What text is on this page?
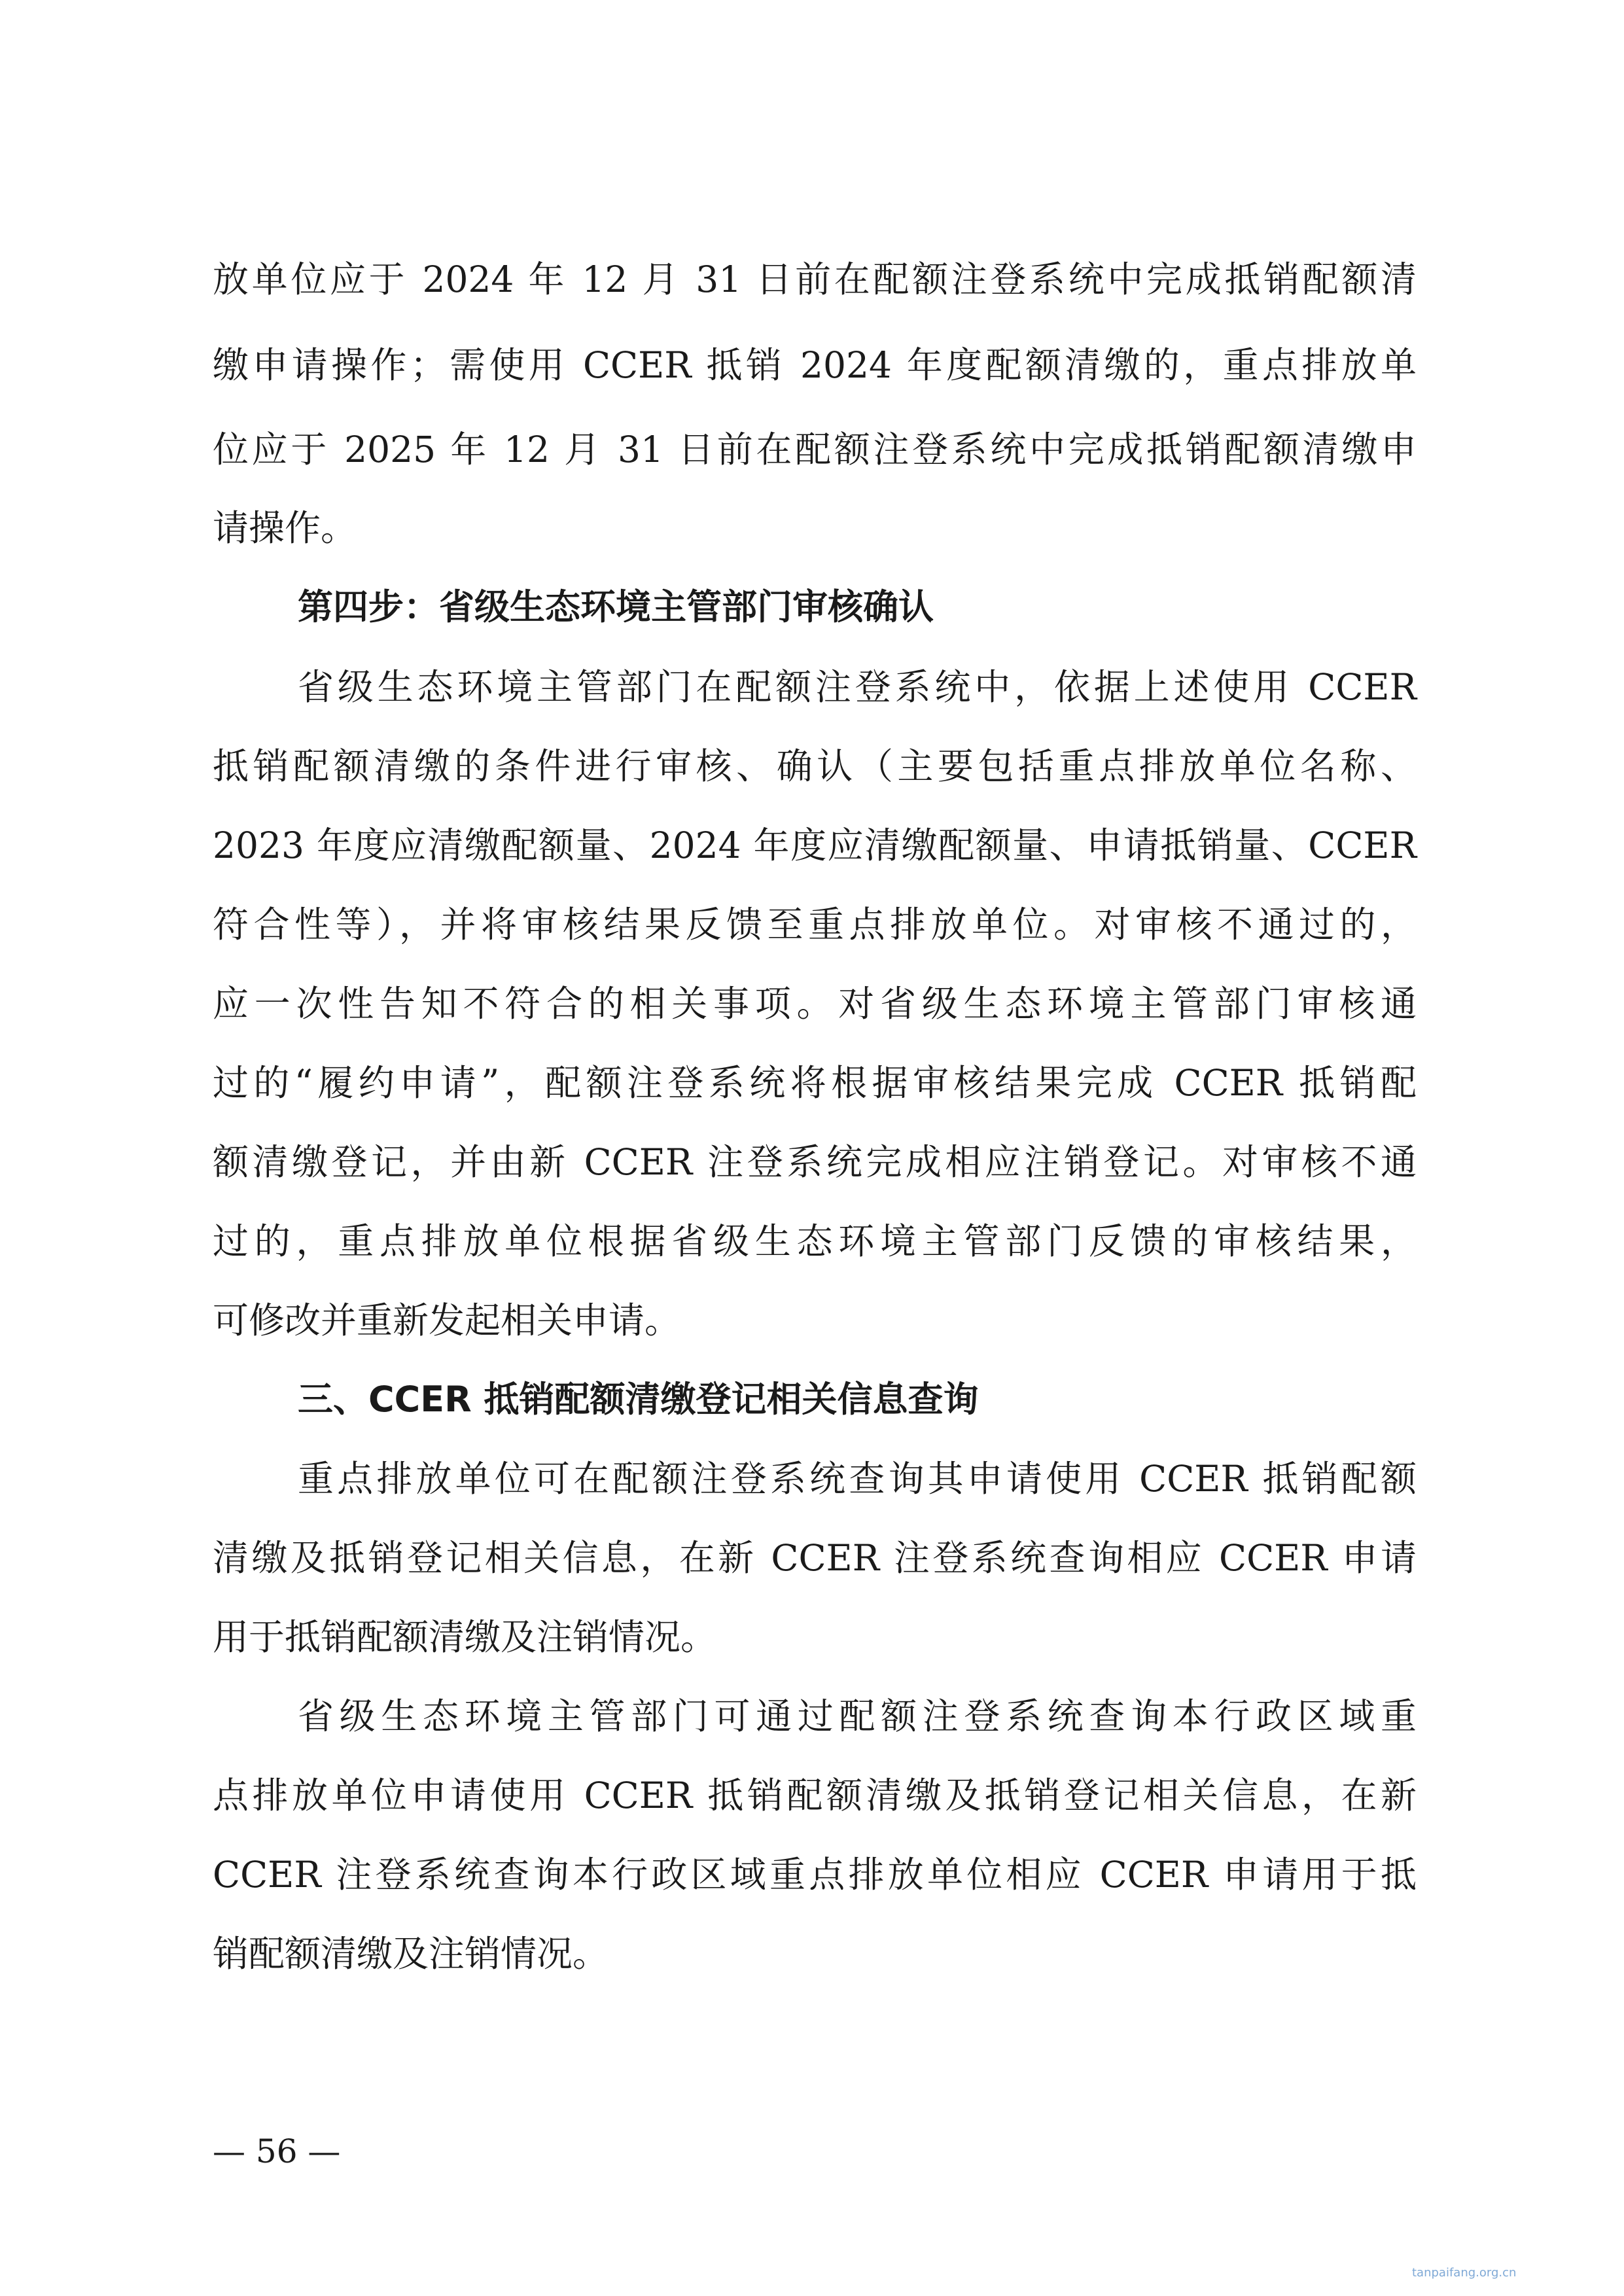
放单位应于 2024 年 12 月 31 日前在配额注登系统中完成抵销配额清
缴申请操作；需使用 CCER 抵销 2024 年度配额清缴的，重点排放单
位应于 2025 年 12 月 31 日前在配额注登系统中完成抵销配额清缴申
请操作。
第四步：省级生态环境主管部门审核确认
省级生态环境主管部门在配额注登系统中，依据上述使用 CCER
抵销配额清缴的条件进行审核、确认（主要包括重点排放单位名称、
2023 年度应清缴配额量、2024 年度应清缴配额量、申请抵销量、CCER
符合性等），并将审核结果反馈至重点排放单位。对审核不通过的，
应一次性告知不符合的相关事项。对省级生态环境主管部门审核通
过的“履约申请”，配额注登系统将根据审核结果完成 CCER 抵销配
额清缴登记，并由新 CCER 注登系统完成相应注销登记。对审核不通
过的，重点排放单位根据省级生态环境主管部门反馈的审核结果，
可修改并重新发起相关申请。
三、CCER 抵销配额清缴登记相关信息查询
重点排放单位可在配额注登系统查询其申请使用 CCER 抵销配额
清缴及抵销登记相关信息，在新 CCER 注登系统查询相应 CCER 申请
用于抵销配额清缴及注销情况。
省级生态环境主管部门可通过配额注登系统查询本行政区域重
点排放单位申请使用 CCER 抵销配额清缴及抵销登记相关信息，在新
CCER 注登系统查询本行政区域重点排放单位相应 CCER 申请用于抵
销配额清缴及注销情况。
— 56 —
tanpaifang.org.cn
